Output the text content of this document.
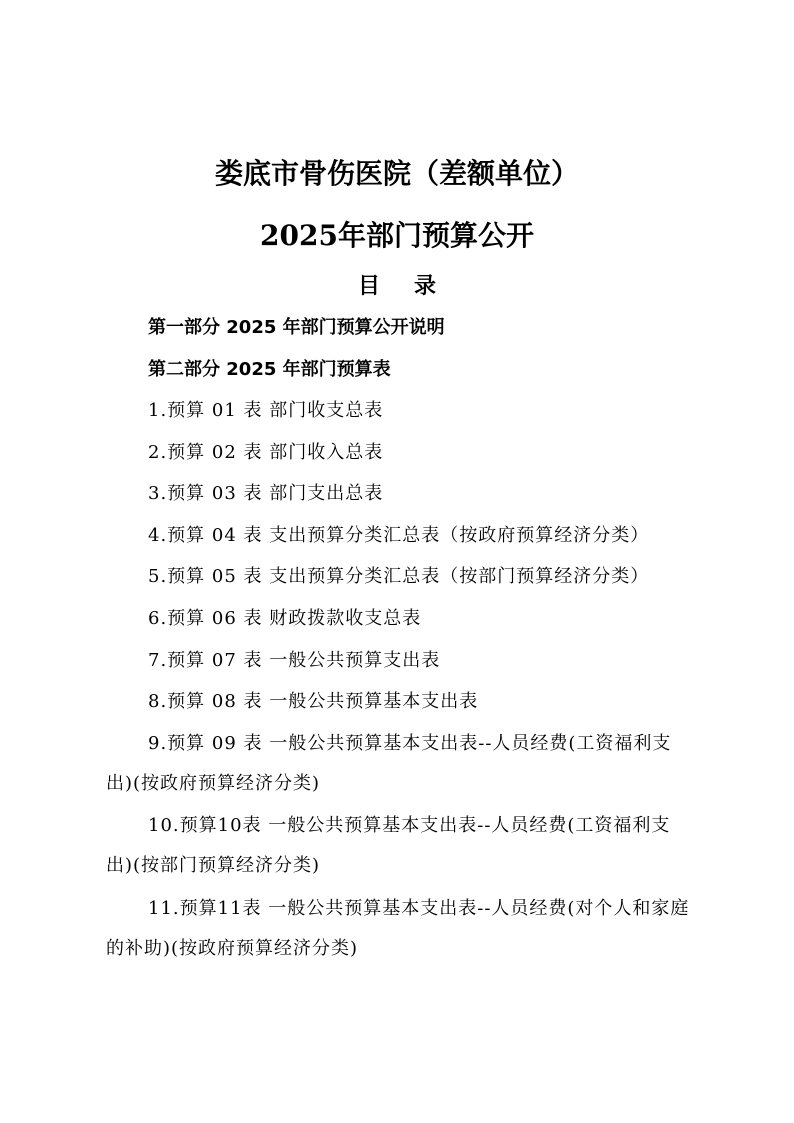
娄底市骨伤医院（差额单位）
2025年部门预算公开
目录
第一部分 2025 年部门预算公开说明
第二部分 2025 年部门预算表
1.预算 01 表 部门收支总表
2.预算 02 表 部门收入总表
3.预算 03 表 部门支出总表
4.预算 04 表 支出预算分类汇总表（按政府预算经济分类）
5.预算 05 表 支出预算分类汇总表（按部门预算经济分类）
6.预算 06 表 财政拨款收支总表
7.预算 07 表 一般公共预算支出表
8.预算 08 表 一般公共预算基本支出表
9.预算 09 表 一般公共预算基本支出表--人员经费(工资福利支出)(按政府预算经济分类)
10.预算10表 一般公共预算基本支出表--人员经费(工资福利支出)(按部门预算经济分类)
11.预算11表 一般公共预算基本支出表--人员经费(对个人和家庭的补助)(按政府预算经济分类)
